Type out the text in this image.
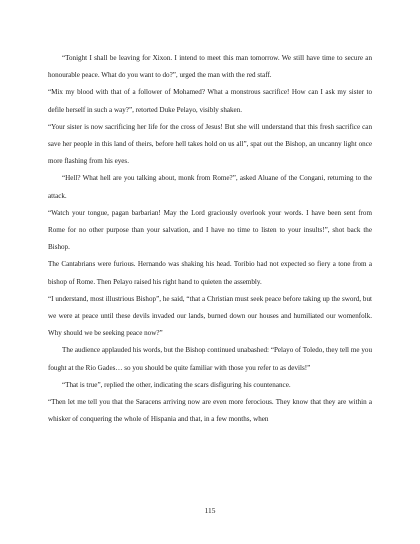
“Tonight I shall be leaving for Xixon. I intend to meet this man tomorrow. We still have time to secure an honourable peace. What do you want to do?”, urged the man with the red staff.

“Mix my blood with that of a follower of Mohamed? What a monstrous sacrifice! How can I ask my sister to defile herself in such a way?”, retorted Duke Pelayo, visibly shaken.

“Your sister is now sacrificing her life for the cross of Jesus! But she will understand that this fresh sacrifice can save her people in this land of theirs, before hell takes hold on us all”, spat out the Bishop, an uncanny light once more flashing from his eyes.

“Hell? What hell are you talking about, monk from Rome?”, asked Aluane of the Congani, returning to the attack.

“Watch your tongue, pagan barbarian! May the Lord graciously overlook your words. I have been sent from Rome for no other purpose than your salvation, and I have no time to listen to your insults!”, shot back the Bishop.

The Cantabrians were furious. Hernando was shaking his head. Toribio had not expected so fiery a tone from a bishop of Rome. Then Pelayo raised his right hand to quieten the assembly.

“I understand, most illustrious Bishop”, he said, “that a Christian must seek peace before taking up the sword, but we were at peace until these devils invaded our lands, burned down our houses and humiliated our womenfolk. Why should we be seeking peace now?”

The audience applauded his words, but the Bishop continued unabashed: “Pelayo of Toledo, they tell me you fought at the Rio Gades… so you should be quite familiar with those you refer to as devils!”

“That is true”, replied the other, indicating the scars disfiguring his countenance.

“Then let me tell you that the Saracens arriving now are even more ferocious. They know that they are within a whisker of conquering the whole of Hispania and that, in a few months, when

115
